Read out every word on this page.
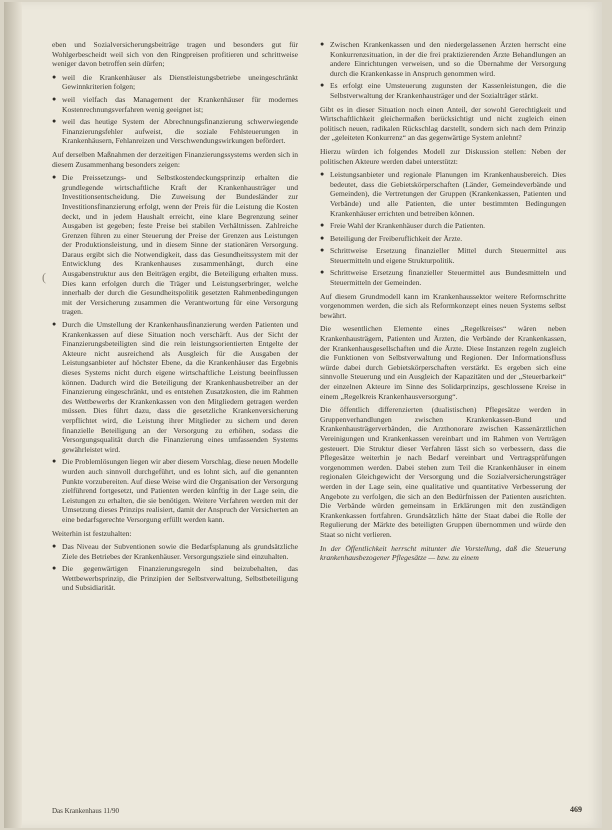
(

eben und Sozialversicherungsbeiträge tragen und besonders gut für Wohlgerbescheidt weil sich von den Ringpreisen profitieren und schrittweise weniger davon betroffen sein dürfen;

● weil die Krankenhäuser als Dienstleistungsbetriebe uneingeschränkt Gewinnkriterien folgen;
● weil vielfach das Management der Krankenhäuser für modernes Kostenrechnungsverfahren wenig geeignet ist;
● weil das heutige System der Abrechnungsfinanzierung schwerwiegende Finanzierungsfehler aufweist, die soziale Fehlsteuerungen in Krankenhäusern, Fehlanreizen und Verschwendungswirkungen befördert.

Auf derselben Maßnahmen der derzeitigen Finanzierungssystems werden sich in diesem Zusammenhang besonders zeigen:

● Die Preissetzungs- und Selbstkostendeckungsprinzip erhalten die grundlegende wirtschaftliche Kraft der Krankenhausträger und Investitionsentscheidung. Die Zuweisung der Bundesländer zur Investitionsfinanzierung erfolgt, wenn der Preis für die Leistung die Kosten deckt, und in jedem Haushalt erreicht, eine klare Begrenzung seiner Ausgaben ist gegeben; feste Preise bei stabilen Verhältnissen. Zahlreiche Grenzen führen zu einer Steuerung der Preise der Grenzen aus Leistungen der Produktionsleistung, und in diesem Sinne der stationären Versorgung. Daraus ergibt sich die Notwendigkeit, dass das Gesundheitssystem mit der Entwicklung des Krankenhauses zusammenhängt, durch eine Ausgabenstruktur aus den Beiträgen ergibt, die Beteiligung erhalten muss. Dies kann erfolgen durch die Träger und Leistungserbringer, welche innerhalb der durch die Gesundheitspolitik gesetzten Rahmenbedingungen mit der Versicherung zusammen die Verantwortung für eine Versorgung tragen.
● Durch die Umstellung der Krankenhausfinanzierung werden Patienten und Krankenkassen auf diese Situation noch verschärft. Aus der Sicht der Finanzierungsbeteiligten sind die rein leistungsorientierten Entgelte der Akteure nicht ausreichend als Ausgleich für die Ausgaben der Leistungsanbieter auf höchster Ebene, da die Krankenhäuser das Ergebnis dieses Systems nicht durch eigene wirtschaftliche Leistung beeinflussen können. Dadurch wird die Beteiligung der Krankenhausbetreiber an der Finanzierung eingeschränkt, und es entstehen Zusatzkosten, die im Rahmen des Wettbewerbs der Krankenkassen von den Mitgliedern getragen werden müssen. Dies führt dazu, dass die gesetzliche Krankenversicherung verpflichtet wird, die Leistung ihrer Mitglieder zu sichern und deren finanzielle Beteiligung an der Versorgung zu erhöhen, sodass die Versorgungsqualität durch die Finanzierung eines umfassenden Systems gewährleistet wird.
● Die Problemlösungen liegen wir aber diesem Vorschlag, diese neuen Modelle wurden auch sinnvoll durchgeführt, und es lohnt sich, auf die genannten Punkte vorzubereiten. Auf diese Weise wird die Organisation der Versorgung zielführend fortgesetzt, und Patienten werden künftig in der Lage sein, die Leistungen zu erhalten, die sie benötigen. Weitere Verfahren werden mit der Umsetzung dieses Prinzips realisiert, damit der Anspruch der Versicherten an eine bedarfsgerechte Versorgung erfüllt werden kann.

Weiterhin ist festzuhalten:

● Das Niveau der Subventionen sowie die Bedarfsplanung als grundsätzliche Ziele des Betriebes der Krankenhäuser. Versorgungsziele sind einzuhalten.
● Die gegenwärtigen Finanzierungsregeln sind beizubehalten, das Wettbewerbsprinzip, die Prinzipien der Selbstverwaltung, Selbstbeteiligung und Subsidiarität.
● Zwischen Krankenkassen und den niedergelassenen Ärzten herrscht eine Konkurrenzsituation, in der die frei praktizierenden Ärzte Behandlungen an andere Einrichtungen verweisen, und so die Übernahme der Versorgung durch die Krankenkasse in Anspruch genommen wird.
● Es erfolgt eine Umsteuerung zugunsten der Kassenleistungen, die die Selbstverwaltung der Krankenhausträger und der Sozialträger stärkt.

Gibt es in dieser Situation noch einen Anteil, der sowohl Gerechtigkeit und Wirtschaftlichkeit gleichermaßen berücksichtigt und nicht zugleich einen politisch neuen, radikalen Rückschlag darstellt, sondern sich nach dem Prinzip der „geleiteten Konkurrenz“ an das gegenwärtige System anlehnt?

Hierzu würden ich folgendes Modell zur Diskussion stellen: Neben der politischen Akteure werden dabei unterstützt:

● Leistungsanbieter und regionale Planungen im Krankenhausbereich. Dies bedeutet, dass die Gebietskörperschaften (Länder, Gemeindeverbände und Gemeinden), die Vertretungen der Gruppen (Krankenkassen, Patienten und Verbände) und alle Patienten, die unter bestimmten Bedingungen Krankenhäuser errichten und betreiben können.
● Freie Wahl der Krankenhäuser durch die Patienten.
● Beteiligung der Freiberuflichkeit der Ärzte.
● Schrittweise Ersetzung finanzieller Mittel durch Steuermittel aus Steuermitteln und eigene Strukturpolitik.
● Schrittweise Ersetzung finanzieller Steuermittel aus Bundesmitteln und Steuermitteln der Gemeinden.

Auf diesem Grundmodell kann im Krankenhaussektor weitere Reformschritte vorgenommen werden, die sich als Reformkonzept eines neuen Systems selbst bewährt.

Die wesentlichen Elemente eines „Regelkreises“ wären neben Krankenhausträgern, Patienten und Ärzten, die Verbände der Krankenkassen, der Krankenhausgesellschaften und die Ärzte. Diese Instanzen regeln zugleich die Funktionen von Selbstverwaltung und Regionen. Der Informationsfluss würde dabei durch Gebietskörperschaften verstärkt. Es ergeben sich eine sinnvolle Steuerung und ein Ausgleich der Kapazitäten und der „Steuerbarkeit“ der einzelnen Akteure im Sinne des Solidarprinzips, geschlossene Kreise in einem „Regelkreis Krankenhausversorgung“.

Die öffentlich differenzierten (dualistischen) Pflegesätze werden in Gruppenverhandlungen zwischen Krankenkassen-Bund und Krankenhausträgerverbänden, die Arzthonorare zwischen Kassenärztlichen Vereinigungen und Krankenkassen vereinbart und im Rahmen von Verträgen gesteuert. Die Struktur dieser Verfahren lässt sich so verbessern, dass die Pflegesätze weiterhin je nach Bedarf vereinbart und Vertragsprüfungen vorgenommen werden. Dabei stehen zum Teil die Krankenhäuser in einem regionalen Gleichgewicht der Versorgung und die Sozialversicherungsträger werden in der Lage sein, eine qualitative und quantitative Verbesserung der Angebote zu verfolgen, die sich an den Bedürfnissen der Patienten ausrichten. Die Verbände würden gemeinsam in Erklärungen mit den zuständigen Krankenkassen fortfahren. Grundsätzlich hätte der Staat dabei die Rolle der Regulierung der Märkte des beteiligten Gruppen übernommen und würde den Staat so nicht verlieren.

In der Öffentlichkeit herrscht mitunter die Vorstellung, daß die Steuerung krankenhausbezogener Pflegesätze — bzw. zu einem

Das Krankenhaus 11/90	469
